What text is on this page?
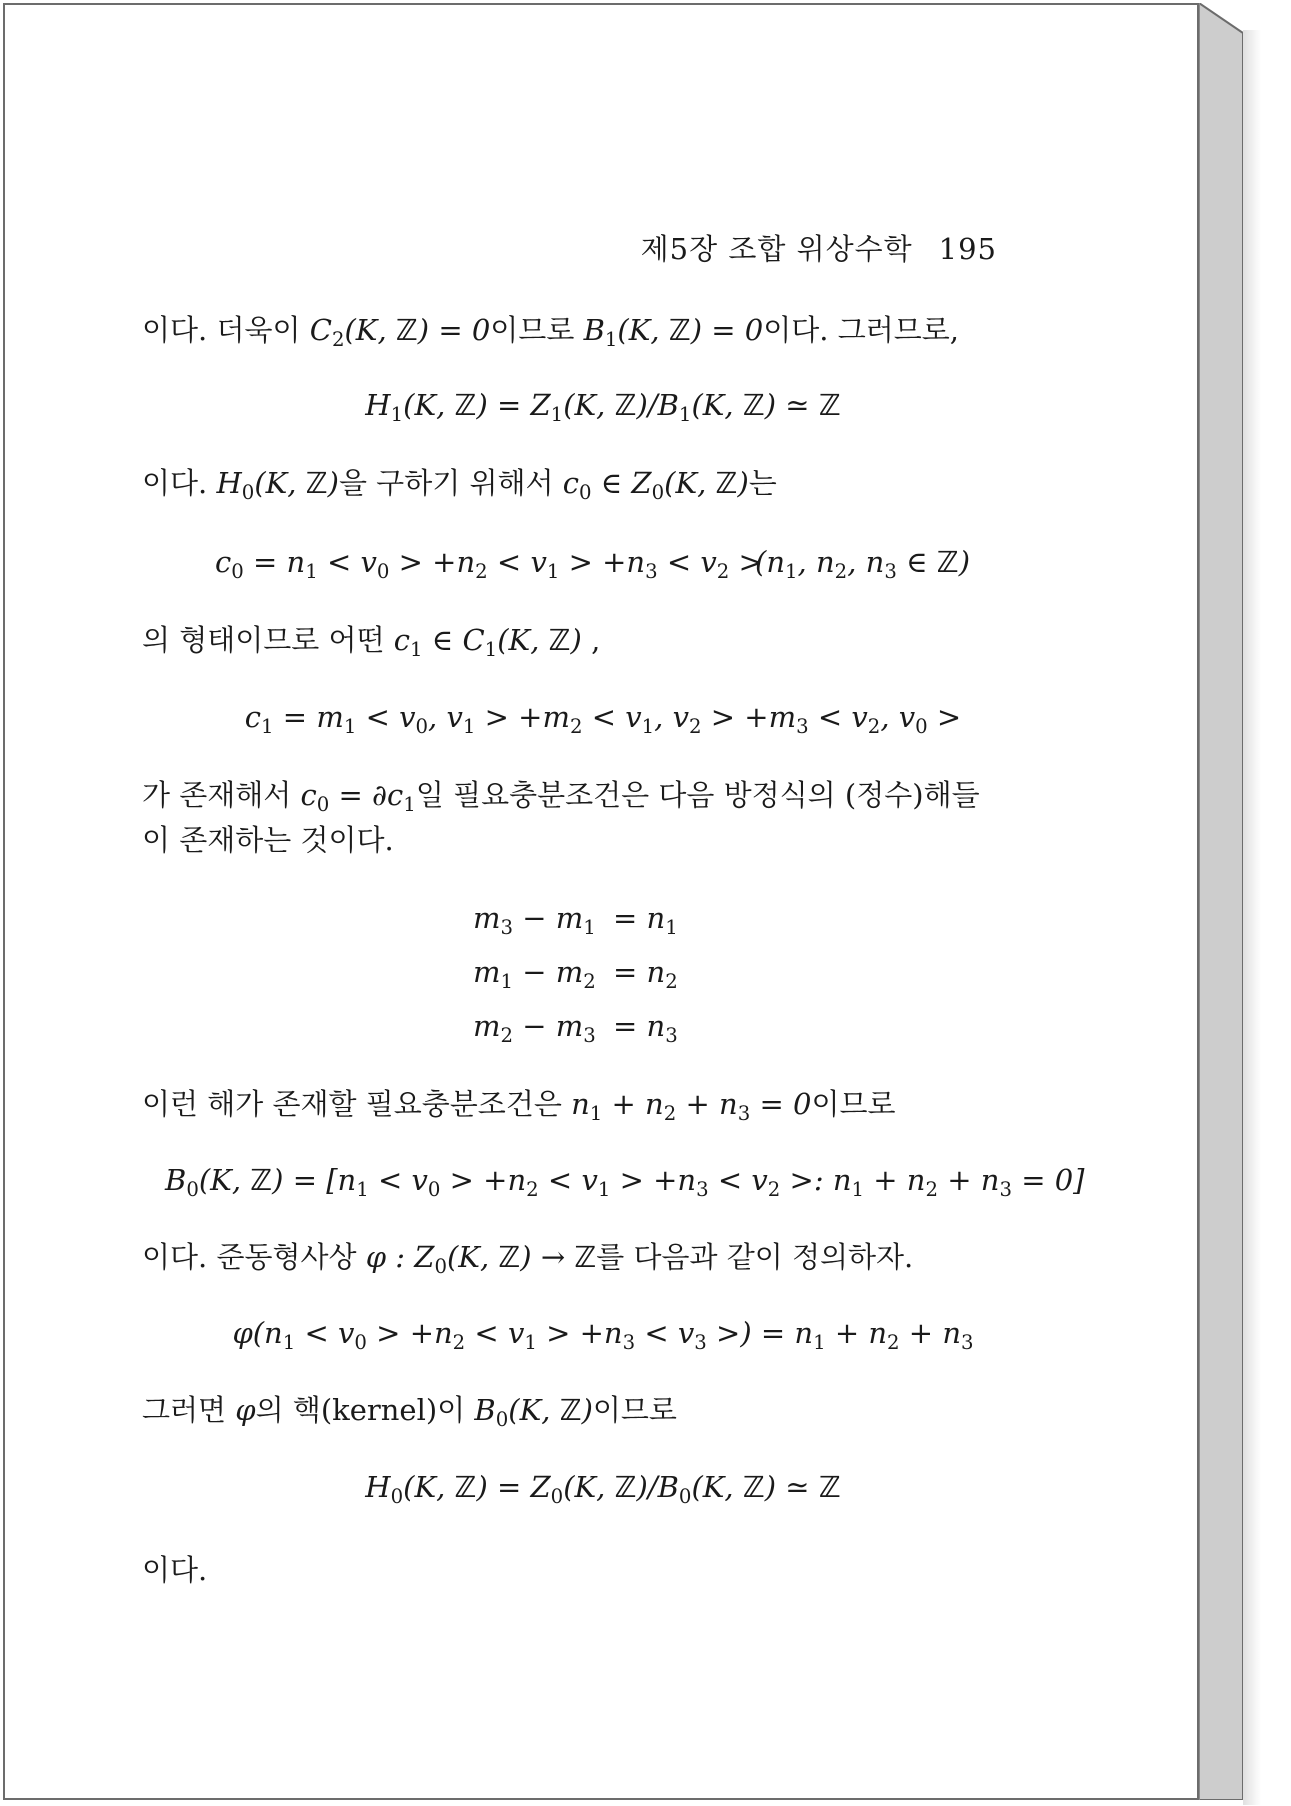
제5장 조합 위상수학 195
이다. 더욱이 $C_2(K$, ℤ) = 0이므로 $B_1(K$, ℤ) = 0이다. 그러므로,
$H_1(K$, ℤ) = $Z_1(K$, $ℤ)/B_1(K$, ℤ) ≃ ℤ
이다. $H_0(K$, ℤ)을 구하기 위해서 $c_0$ ∈ $Z_0(K$, ℤ)는
$c_0 = n_1 < v_0 > +n_2 < v_1 > +n_3 < v_2$ >
($n_1$, $n_2$, $n_3$ ∈ ℤ)
의 형태이므로 어떤 $c_1$ ∈ $C_1(K$, ℤ) ,
$c_1 = m_1 < v_0$, $v_1 > +m_2 < v_1$, $v_2 > +m_3 < v_2$, $v_0$ >
가 존재해서 $c_0 = \partial c_1$일 필요충분조건은 다음 방정식의 (정수)해들
이 존재하는 것이다.
$m_3 - m_1 = n_1$
$m_1 - m_2 = n_2$
$m_2 - m_3 = n_3$
이런 해가 존재할 필요충분조건은 $n_1 + n_2 + n_3 = 0$이므로
$B_0(K$, ℤ) = [$n_1 < v_0 > +n_2 < v_1 > +n_3 < v_2$ >: $n_1 + n_2 + n_3 = 0$]
이다. 준동형사상 φ : $Z_0(K$, ℤ) → ℤ를 다음과 같이 정의하자.
$\varphi(n_1 < v_0 > +n_2 < v_1 > +n_3 < v_3$ >) = $n_1 + n_2 + n_3$
그러면 φ의 핵(kernel)이 $B_0(K$, ℤ)이므로
$H_0(K$, ℤ) = $Z_0(K$, $ℤ)/B_0(K$, ℤ) ≃ ℤ
이다.
